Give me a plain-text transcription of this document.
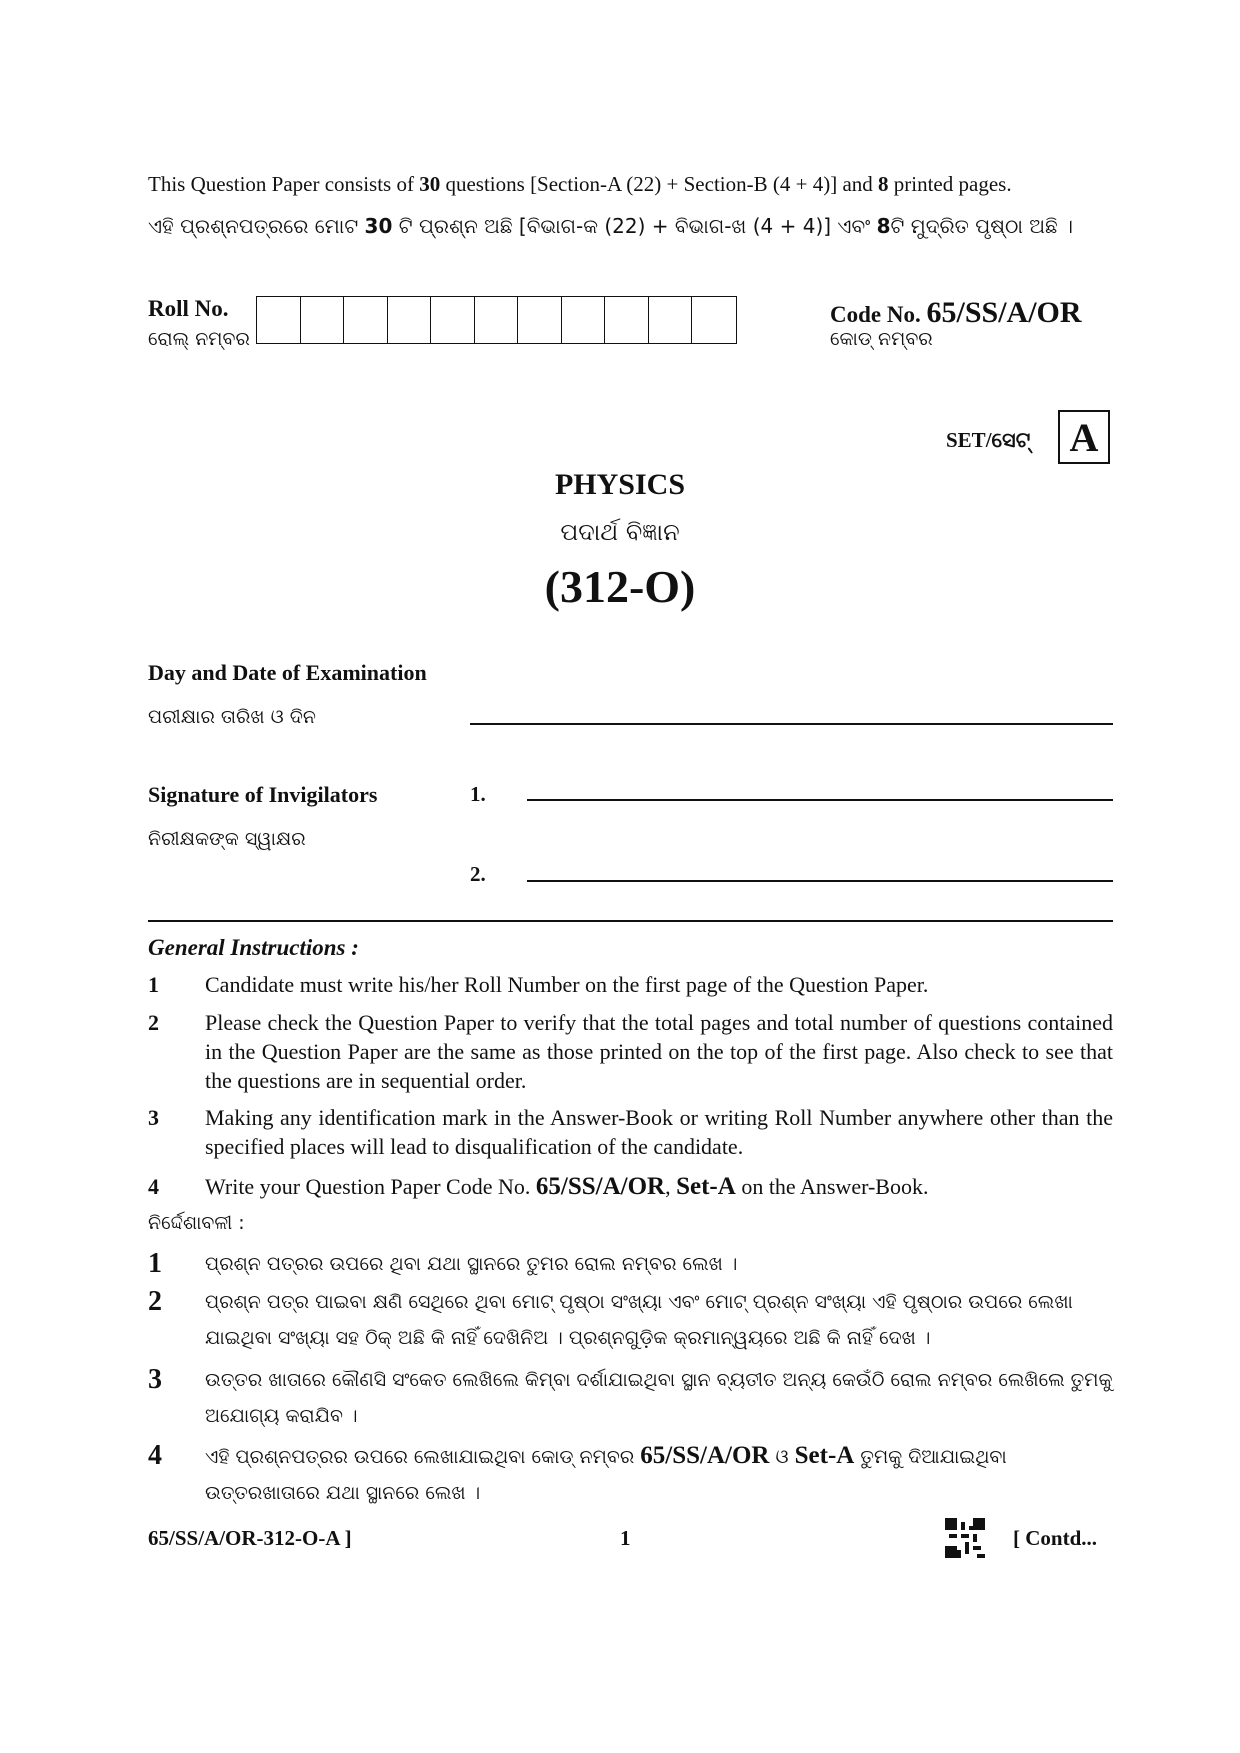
This Question Paper consists of 30 questions [Section-A (22) + Section-B (4 + 4)] and 8 printed pages.
ଏହି ପ୍ରଶ୍ନପତ୍ରରେ ମୋଟ 30 ଟି ପ୍ରଶ୍ନ ଅଛି [ବିଭାଗ-କ (22) + ବିଭାଗ-ଖ (4 + 4)] ଏବଂ 8ଟି ମୁଦ୍ରିତ ପୃଷ୍ଠା ଅଛି ।
Roll No.
ରୋଲ୍ ନମ୍ବର
Code No. 65/SS/A/OR
କୋଡ୍ ନମ୍ବର
SET/ସେଟ୍ A
PHYSICS
ପଦାର୍ଥ ବିଜ୍ଞାନ
(312-O)
Day and Date of Examination
ପରୀକ୍ଷାର ତାରିଖ ଓ ଦିନ
Signature of Invigilators
ନିରୀକ୍ଷକଙ୍କ ସ୍ୱାକ୍ଷର
1.
2.
General Instructions :
1	Candidate must write his/her Roll Number on the first page of the Question Paper.
2	Please check the Question Paper to verify that the total pages and total number of questions contained in the Question Paper are the same as those printed on the top of the first page. Also check to see that the questions are in sequential order.
3	Making any identification mark in the Answer-Book or writing Roll Number anywhere other than the specified places will lead to disqualification of the candidate.
4	Write your Question Paper Code No. 65/SS/A/OR, Set-A on the Answer-Book.
ନିର୍ଦ୍ଦେଶାବଳୀ :
1	ପ୍ରଶ୍ନ ପତ୍ରର ଉପରେ ଥିବା ଯଥା ସ୍ଥାନରେ ତୁମର ରୋଲ ନମ୍ବର ଲେଖ ।
2	ପ୍ରଶ୍ନ ପତ୍ର ପାଇବା କ୍ଷଣି ସେଥିରେ ଥିବା ମୋଟ୍ ପୃଷ୍ଠା ସଂଖ୍ୟା ଏବଂ ମୋଟ୍ ପ୍ରଶ୍ନ ସଂଖ୍ୟା ଏହି ପୃଷ୍ଠାର ଉପରେ ଲେଖା ଯାଇଥିବା ସଂଖ୍ୟା ସହ ଠିକ୍ ଅଛି କି ନାହିଁ ଦେଖିନିଅ । ପ୍ରଶ୍ନଗୁଡ଼ିକ କ୍ରମାନ୍ୱୟରେ ଅଛି କି ନାହିଁ ଦେଖ ।
3	ଉତ୍ତର ଖାତାରେ କୌଣସି ସଂକେତ ଲେଖିଲେ କିମ୍ବା ଦର୍ଶାଯାଇଥିବା ସ୍ଥାନ ବ୍ୟତୀତ ଅନ୍ୟ କେଉଁଠି ରୋଲ ନମ୍ବର ଲେଖିଲେ ତୁମକୁ ଅଯୋଗ୍ୟ କରାଯିବ ।
4	ଏହି ପ୍ରଶ୍ନପତ୍ରର ଉପରେ ଲେଖାଯାଇଥିବା କୋଡ୍ ନମ୍ବର 65/SS/A/OR ଓ Set-A ତୁମକୁ ଦିଆଯାଇଥିବା ଉତ୍ତରଖାତାରେ ଯଥା ସ୍ଥାନରେ ଲେଖ ।
65/SS/A/OR-312-O-A ]	1	[ Contd...
